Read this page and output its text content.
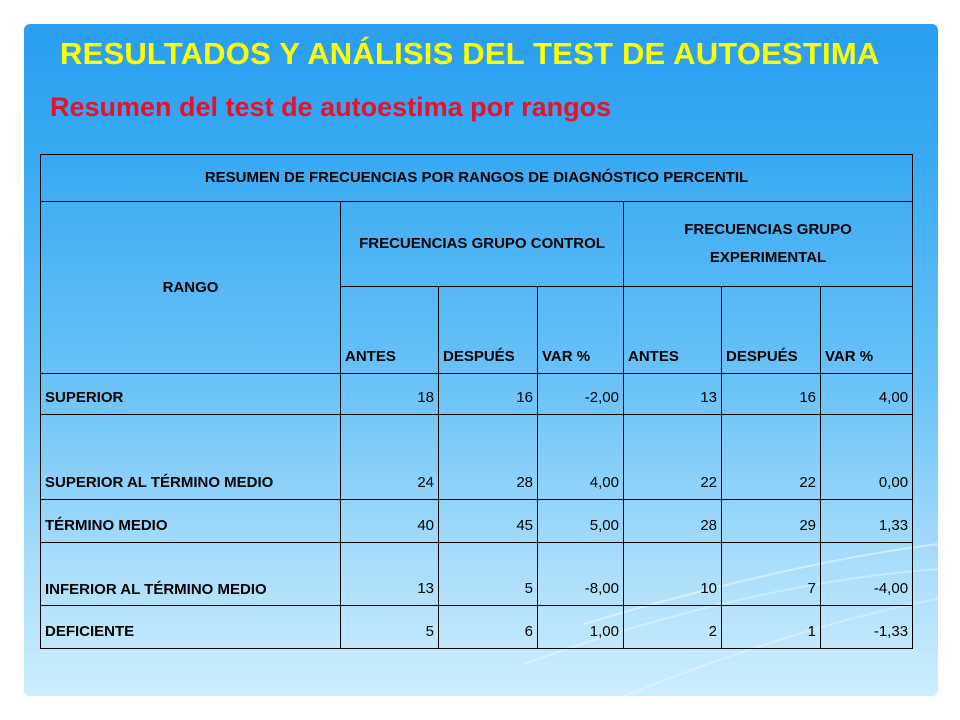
RESULTADOS Y ANÁLISIS DEL TEST DE AUTOESTIMA
Resumen del test de autoestima por rangos
RESUMEN DE FRECUENCIAS POR RANGOS DE DIAGNÓSTICO PERCENTIL						
RANGO	FRECUENCIAS GRUPO CONTROL			FRECUENCIAS GRUPO EXPERIMENTAL		
	ANTES	DESPUÉS	VAR %	ANTES	DESPUÉS	VAR %
SUPERIOR	18	16	-2,00	13	16	4,00
SUPERIOR AL TÉRMINO MEDIO	24	28	4,00	22	22	0,00
TÉRMINO MEDIO	40	45	5,00	28	29	1,33
INFERIOR AL TÉRMINO MEDIO	13	5	-8,00	10	7	-4,00
DEFICIENTE	5	6	1,00	2	1	-1,33
